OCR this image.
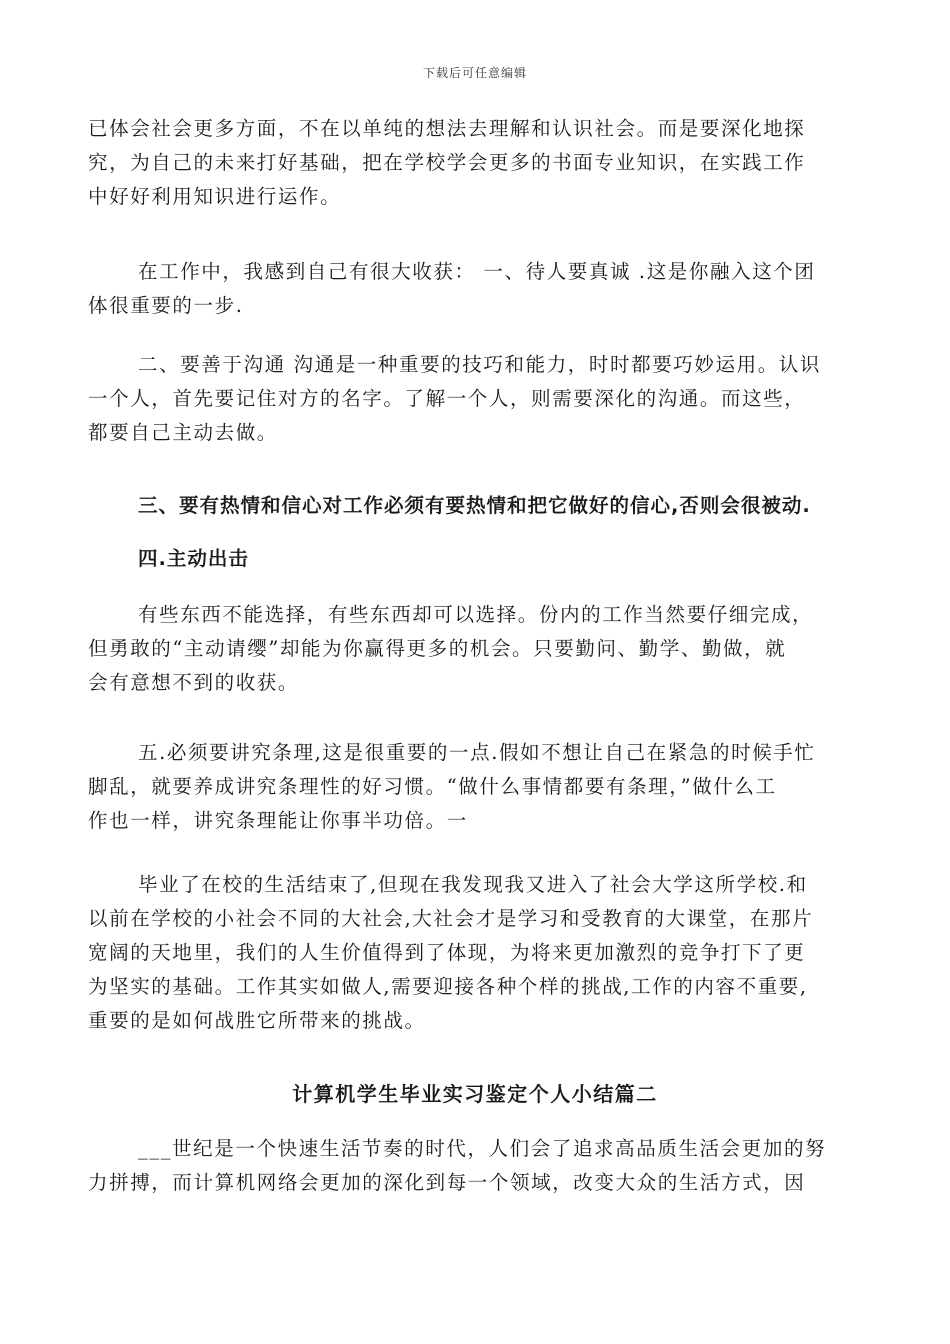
下载后可任意编辑

已体会社会更多方面，不在以单纯的想法去理解和认识社会。而是要深化地探
究，为自己的未来打好基础，把在学校学会更多的书面专业知识，在实践工作
中好好利用知识进行运作。

在工作中，我感到自己有很大收获： 一、待人要真诚 .这是你融入这个团
体很重要的一步.

二、要善于沟通 沟通是一种重要的技巧和能力，时时都要巧妙运用。认识
一个人，首先要记住对方的名字。了解一个人，则需要深化的沟通。而这些，
都要自己主动去做。

三、要有热情和信心对工作必须有要热情和把它做好的信心,否则会很被动.

四.主动出击

有些东西不能选择，有些东西却可以选择。份内的工作当然要仔细完成，
但勇敢的“主动请缨”却能为你赢得更多的机会。只要勤问、勤学、勤做，就
会有意想不到的收获。

五.必须要讲究条理,这是很重要的一点.假如不想让自己在紧急的时候手忙
脚乱，就要养成讲究条理性的好习惯。“做什么事情都要有条理，”做什么工
作也一样，讲究条理能让你事半功倍。一

毕业了在校的生活结束了,但现在我发现我又进入了社会大学这所学校.和
以前在学校的小社会不同的大社会,大社会才是学习和受教育的大课堂，在那片
宽阔的天地里，我们的人生价值得到了体现，为将来更加激烈的竞争打下了更
为坚实的基础。工作其实如做人,需要迎接各种个样的挑战,工作的内容不重要,
重要的是如何战胜它所带来的挑战。

计算机学生毕业实习鉴定个人小结篇二

___世纪是一个快速生活节奏的时代，人们会了追求高品质生活会更加的努
力拼搏，而计算机网络会更加的深化到每一个领域，改变大众的生活方式，因
